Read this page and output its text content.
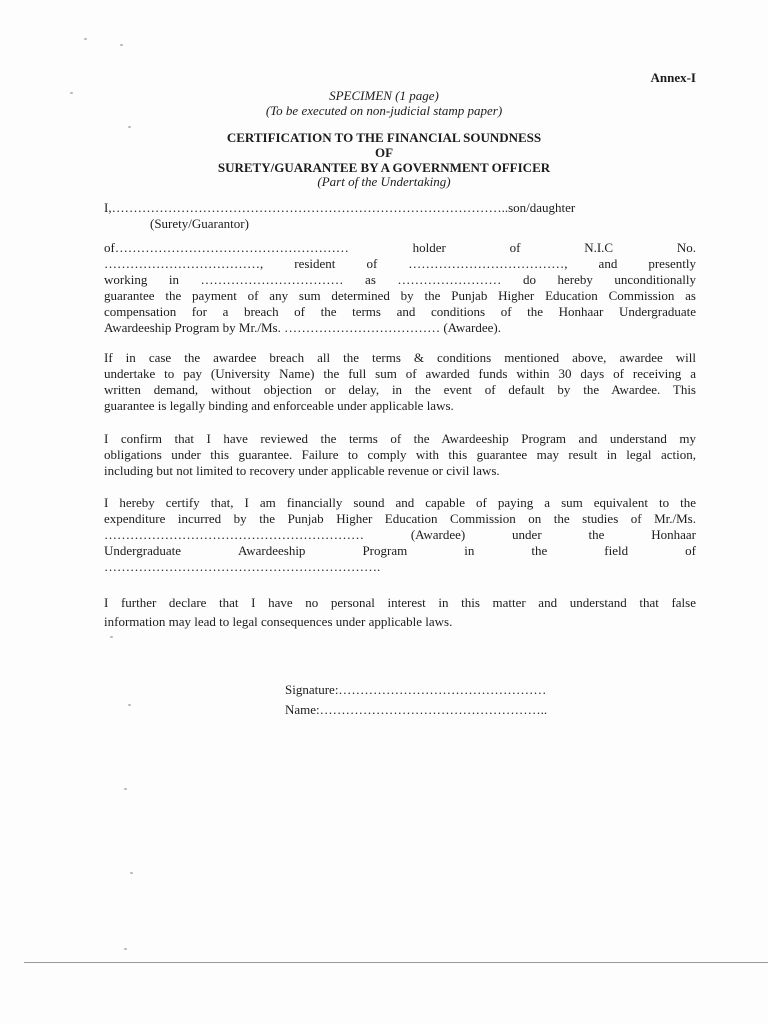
Annex-I
SPECIMEN (1 page)
(To be executed on non-judicial stamp paper)
CERTIFICATION TO THE FINANCIAL SOUNDNESS
OF
SURETY/GUARANTEE BY A GOVERNMENT OFFICER
(Part of the Undertaking)
I,………………………………………………………………………………..son/daughter
(Surety/Guarantor)
of………………………………………………	holder	of	N.I.C	No.
………………………………, resident of ………………………………, and presently
working in …………………………… as …………………… do hereby unconditionally
guarantee the payment of any sum determined by the Punjab Higher Education Commission as
compensation for a breach of the terms and conditions of the Honhaar Undergraduate
Awardeeship Program by Mr./Ms. ……………………………… (Awardee).
If in case the awardee breach all the terms & conditions mentioned above, awardee will
undertake to pay (University Name) the full sum of awarded funds within 30 days of receiving a
written demand, without objection or delay, in the event of default by the Awardee. This
guarantee is legally binding and enforceable under applicable laws.
I confirm that I have reviewed the terms of the Awardeeship Program and understand my
obligations under this guarantee. Failure to comply with this guarantee may result in legal action,
including but not limited to recovery under applicable revenue or civil laws.
I hereby certify that, I am financially sound and capable of paying a sum equivalent to the
expenditure incurred by the Punjab Higher Education Commission on the studies of Mr./Ms.
……………………………………………………	(Awardee)	under	the	Honhaar
Undergraduate	Awardeeship	Program	in	the	field	of
……………………………………………………….
I further declare that I have no personal interest in this matter and understand that false
information may lead to legal consequences under applicable laws.
Signature:…………………………………………
Name:……………………………………………..
